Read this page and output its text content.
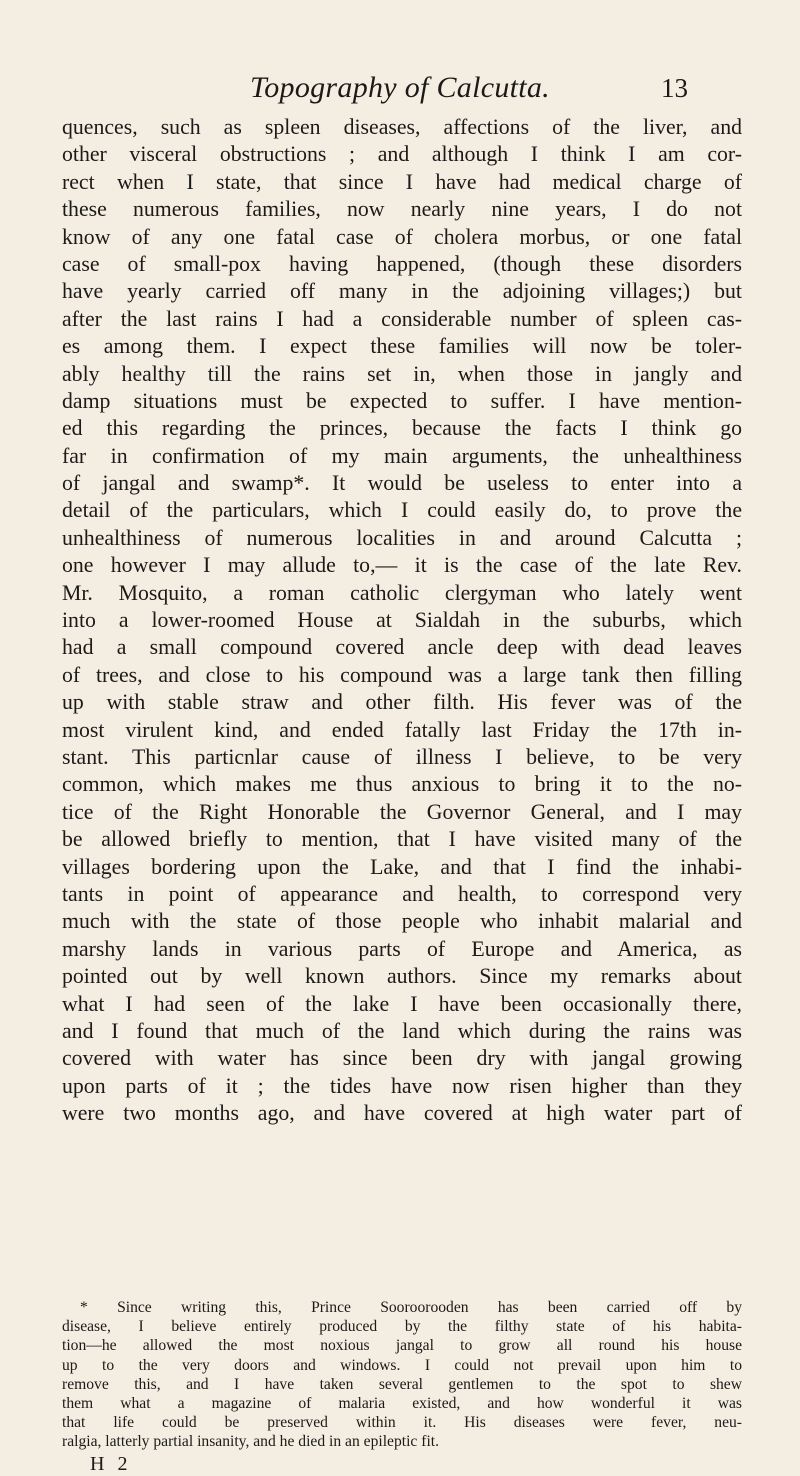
Topography of Calcutta.	13
quences, such as spleen diseases, affections of the liver, and
other visceral obstructions ; and although I think I am cor-
rect when I state, that since I have had medical charge of
these numerous families, now nearly nine years, I do not
know of any one fatal case of cholera morbus, or one fatal
case of small-pox having happened, (though these disorders
have yearly carried off many in the adjoining villages;) but
after the last rains I had a considerable number of spleen cas-
es among them. I expect these families will now be toler-
ably healthy till the rains set in, when those in jangly and
damp situations must be expected to suffer. I have mention-
ed this regarding the princes, because the facts I think go
far in confirmation of my main arguments, the unhealthiness
of jangal and swamp*. It would be useless to enter into a
detail of the particulars, which I could easily do, to prove the
unhealthiness of numerous localities in and around Calcutta ;
one however I may allude to,— it is the case of the late Rev.
Mr. Mosquito, a roman catholic clergyman who lately went
into a lower-roomed House at Sialdah in the suburbs, which
had a small compound covered ancle deep with dead leaves
of trees, and close to his compound was a large tank then filling
up with stable straw and other filth. His fever was of the
most virulent kind, and ended fatally last Friday the 17th in-
stant. This particnlar cause of illness I believe, to be very
common, which makes me thus anxious to bring it to the no-
tice of the Right Honorable the Governor General, and I may
be allowed briefly to mention, that I have visited many of the
villages bordering upon the Lake, and that I find the inhabi-
tants in point of appearance and health, to correspond very
much with the state of those people who inhabit malarial and
marshy lands in various parts of Europe and America, as
pointed out by well known authors. Since my remarks about
what I had seen of the lake I have been occasionally there,
and I found that much of the land which during the rains was
covered with water has since been dry with jangal growing
upon parts of it ; the tides have now risen higher than they
were two months ago, and have covered at high water part of
* Since writing this, Prince Sooroorooden has been carried off by
disease, I believe entirely produced by the filthy state of his habita-
tion—he allowed the most noxious jangal to grow all round his house
up to the very doors and windows. I could not prevail upon him to
remove this, and I have taken several gentlemen to the spot to shew
them what a magazine of malaria existed, and how wonderful it was
that life could be preserved within it. His diseases were fever, neu-
ralgia, latterly partial insanity, and he died in an epileptic fit.
H 2
